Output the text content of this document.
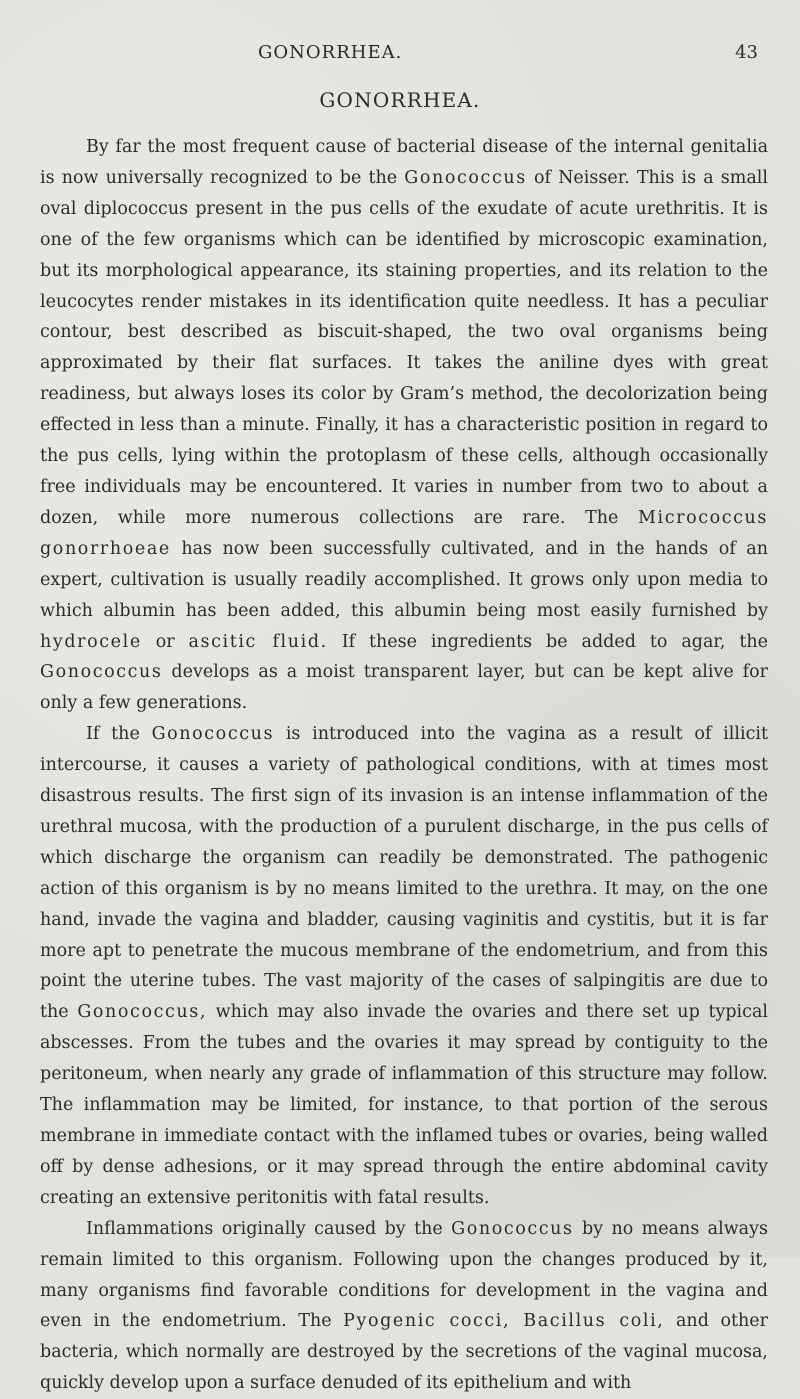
GONORRHEA.	43
GONORRHEA.

By far the most frequent cause of bacterial disease of the internal genitalia is now universally recognized to be the Gonococcus of Neisser. This is a small oval diplococcus present in the pus cells of the exudate of acute urethritis. It is one of the few organisms which can be identified by microscopic examination, but its morphological appearance, its staining properties, and its relation to the leucocytes render mistakes in its identification quite needless. It has a peculiar contour, best described as biscuit-shaped, the two oval organisms being approximated by their flat surfaces. It takes the aniline dyes with great readiness, but always loses its color by Gram’s method, the decolorization being effected in less than a minute. Finally, it has a characteristic position in regard to the pus cells, lying within the protoplasm of these cells, although occasionally free individuals may be encountered. It varies in number from two to about a dozen, while more numerous collections are rare. The Micrococcus gonorrhoeae has now been successfully cultivated, and in the hands of an expert, cultivation is usually readily accomplished. It grows only upon media to which albumin has been added, this albumin being most easily furnished by hydrocele or ascitic fluid. If these ingredients be added to agar, the Gonococcus develops as a moist transparent layer, but can be kept alive for only a few generations.

If the Gonococcus is introduced into the vagina as a result of illicit intercourse, it causes a variety of pathological conditions, with at times most disastrous results. The first sign of its invasion is an intense inflammation of the urethral mucosa, with the production of a purulent discharge, in the pus cells of which discharge the organism can readily be demonstrated. The pathogenic action of this organism is by no means limited to the urethra. It may, on the one hand, invade the vagina and bladder, causing vaginitis and cystitis, but it is far more apt to penetrate the mucous membrane of the endometrium, and from this point the uterine tubes. The vast majority of the cases of salpingitis are due to the Gonococcus, which may also invade the ovaries and there set up typical abscesses. From the tubes and the ovaries it may spread by contiguity to the peritoneum, when nearly any grade of inflammation of this structure may follow. The inflammation may be limited, for instance, to that portion of the serous membrane in immediate contact with the inflamed tubes or ovaries, being walled off by dense adhesions, or it may spread through the entire abdominal cavity creating an extensive peritonitis with fatal results.

Inflammations originally caused by the Gonococcus by no means always remain limited to this organism. Following upon the changes produced by it, many organisms find favorable conditions for development in the vagina and even in the endometrium. The Pyogenic cocci, Bacillus coli, and other bacteria, which normally are destroyed by the secretions of the vaginal mucosa, quickly develop upon a surface denuded of its epithelium and with
